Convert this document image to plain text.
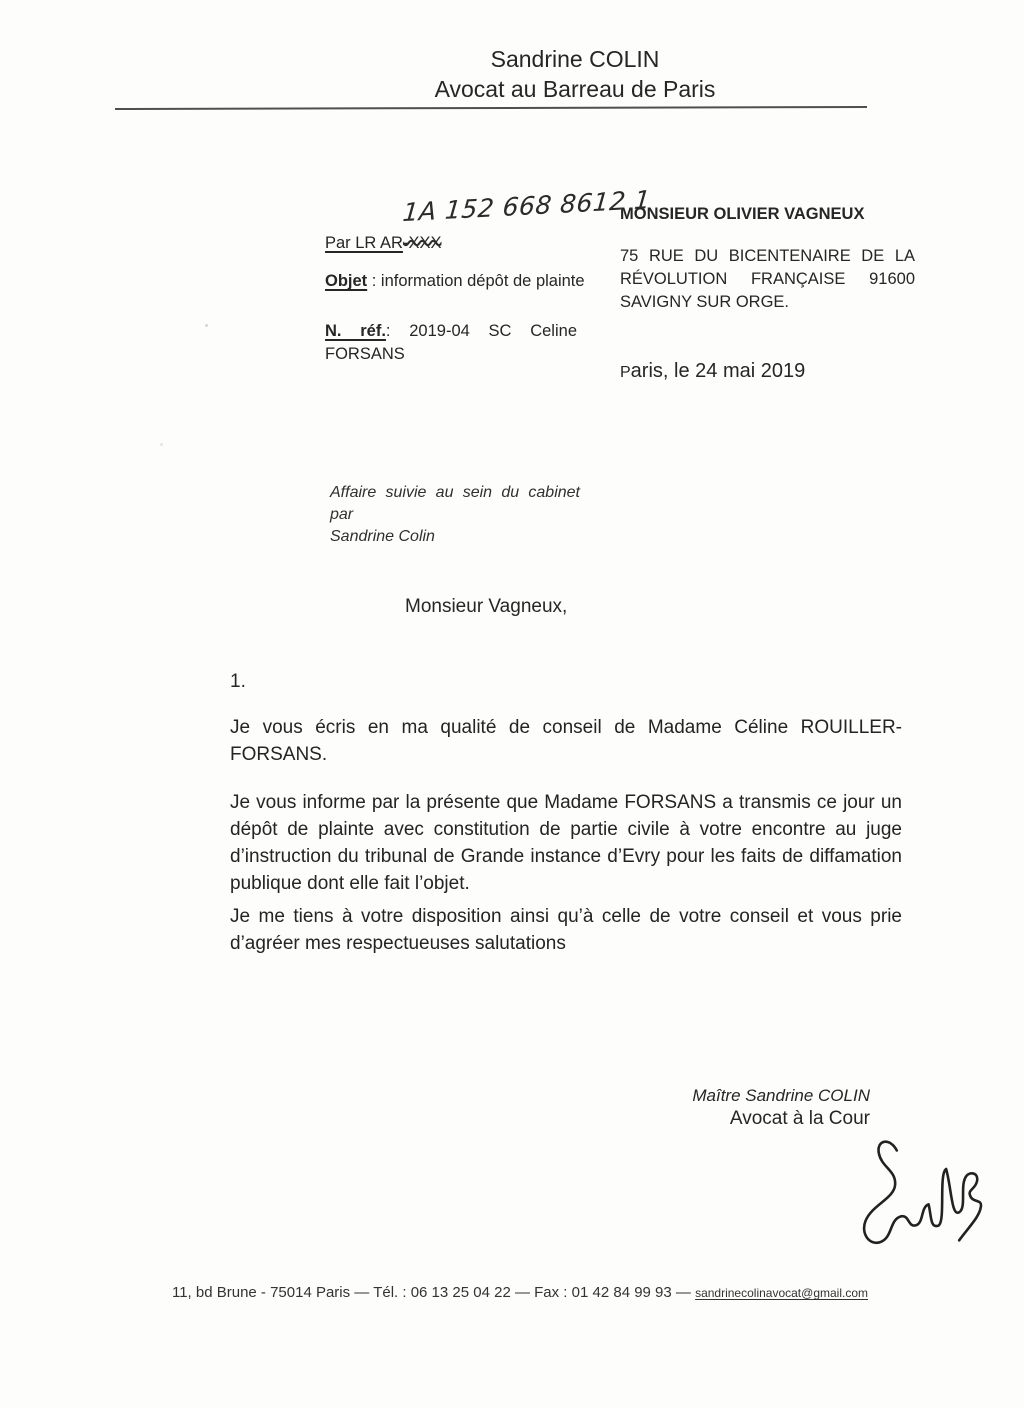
Sandrine COLIN
Avocat au Barreau de Paris
1A 152 668 8612 1
Par LR AR-XXX
Objet : information dépôt de plainte
N. réf.: 2019-04 SC Celine
FORSANS
MONSIEUR OLIVIER VAGNEUX
75 RUE DU BICENTENAIRE DE LA
RÉVOLUTION FRANÇAISE 91600
SAVIGNY SUR ORGE.
Paris, le 24 mai 2019
Affaire suivie au sein du cabinet par
Sandrine Colin
Monsieur Vagneux,
1.
Je vous écris en ma qualité de conseil de Madame Céline ROUILLER-FORSANS.
Je vous informe par la présente que Madame FORSANS a transmis ce jour un dépôt de plainte avec constitution de partie civile à votre encontre au juge d’instruction du tribunal de Grande instance d’Evry pour les faits de diffamation publique dont elle fait l’objet.
Je me tiens à votre disposition ainsi qu’à celle de votre conseil et vous prie d’agréer mes respectueuses salutations
Maître Sandrine COLIN
Avocat à la Cour
11, bd Brune - 75014 Paris — Tél. : 06 13 25 04 22 — Fax : 01 42 84 99 93 — sandrinecolinavocat@gmail.com
